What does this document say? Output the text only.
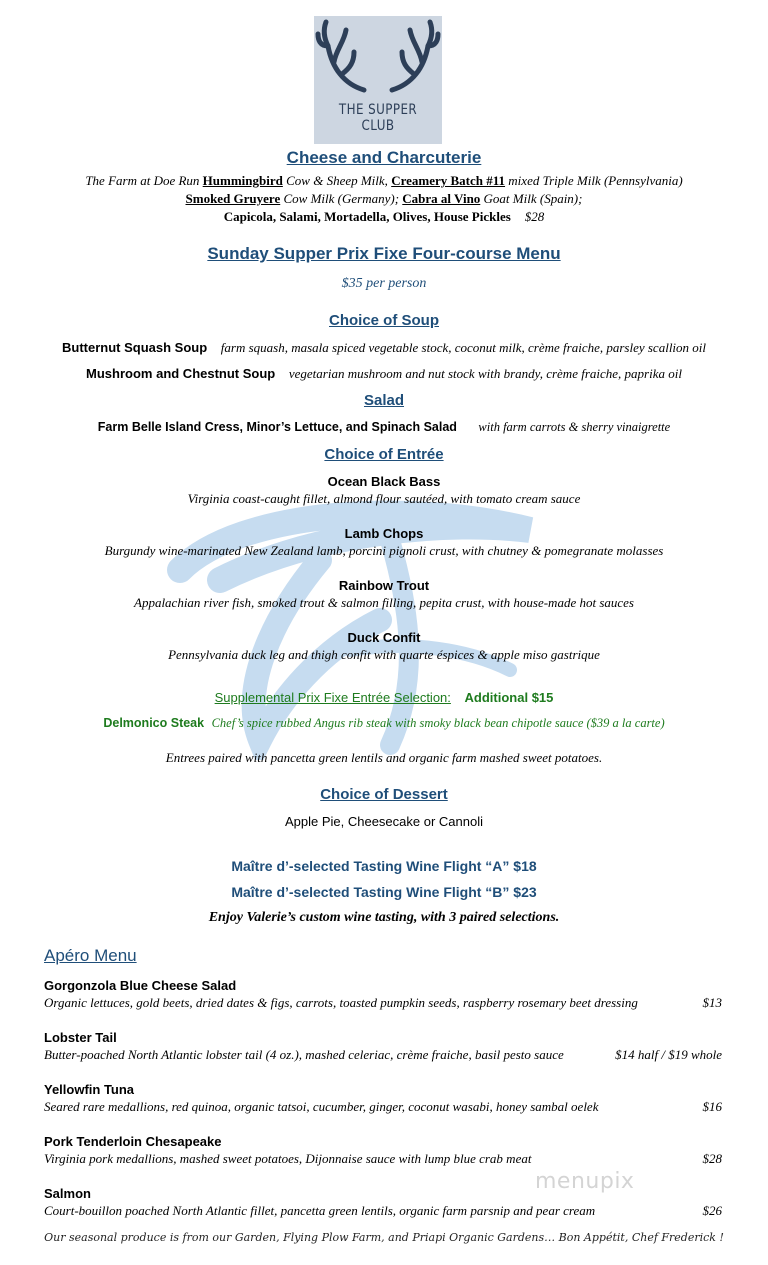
THE SUPPER CLUB
Cheese and Charcuterie
The Farm at Doe Run Hummingbird Cow & Sheep Milk, Creamery Batch #11 mixed Triple Milk (Pennsylvania)
Smoked Gruyere Cow Milk (Germany); Cabra al Vino Goat Milk (Spain);
Capicola, Salami, Mortadella, Olives, House Pickles $28
Sunday Supper Prix Fixe Four-course Menu
$35 per person
Choice of Soup
Butternut Squash Soup farm squash, masala spiced vegetable stock, coconut milk, crème fraiche, parsley scallion oil
Mushroom and Chestnut Soup vegetarian mushroom and nut stock with brandy, crème fraiche, paprika oil
Salad
Farm Belle Island Cress, Minor’s Lettuce, and Spinach Salad with farm carrots & sherry vinaigrette
Choice of Entrée
Ocean Black Bass
Virginia coast-caught fillet, almond flour sautéed, with tomato cream sauce
Lamb Chops
Burgundy wine-marinated New Zealand lamb, porcini pignoli crust, with chutney & pomegranate molasses
Rainbow Trout
Appalachian river fish, smoked trout & salmon filling, pepita crust, with house-made hot sauces
Duck Confit
Pennsylvania duck leg and thigh confit with quarte éspices & apple miso gastrique
Supplemental Prix Fixe Entrée Selection: Additional $15
Delmonico Steak Chef’s spice rubbed Angus rib steak with smoky black bean chipotle sauce ($39 a la carte)
Entrees paired with pancetta green lentils and organic farm mashed sweet potatoes.
Choice of Dessert
Apple Pie, Cheesecake or Cannoli
Maître d’-selected Tasting Wine Flight “A” $18
Maître d’-selected Tasting Wine Flight “B” $23
Enjoy Valerie’s custom wine tasting, with 3 paired selections.
Apéro Menu
Gorgonzola Blue Cheese Salad
Organic lettuces, gold beets, dried dates & figs, carrots, toasted pumpkin seeds, raspberry rosemary beet dressing	$13
Lobster Tail
Butter-poached North Atlantic lobster tail (4 oz.), mashed celeriac, crème fraiche, basil pesto sauce	$14 half / $19 whole
Yellowfin Tuna
Seared rare medallions, red quinoa, organic tatsoi, cucumber, ginger, coconut wasabi, honey sambal oelek	$16
Pork Tenderloin Chesapeake
Virginia pork medallions, mashed sweet potatoes, Dijonnaise sauce with lump blue crab meat	$28
menupix
Salmon
Court-bouillon poached North Atlantic fillet, pancetta green lentils, organic farm parsnip and pear cream	$26
Our seasonal produce is from our Garden, Flying Plow Farm, and Priapi Organic Gardens… Bon Appétit, Chef Frederick !
